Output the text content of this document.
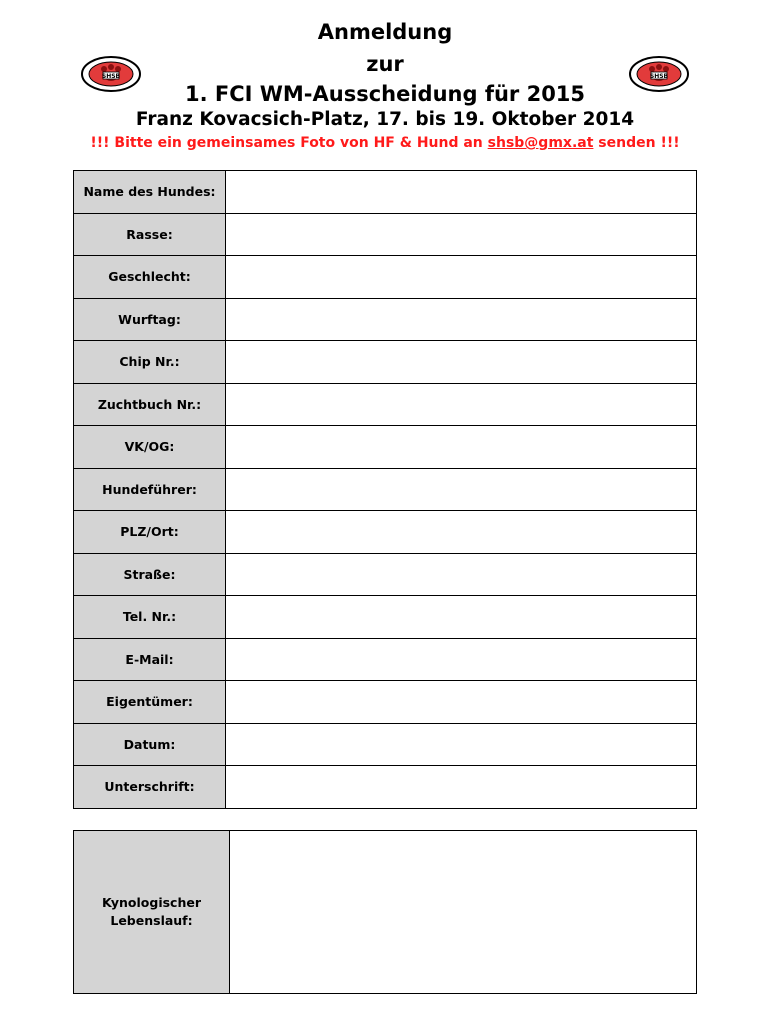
SHSB	SHSB
Anmeldung
zur
1. FCI WM-Ausscheidung für 2015
Franz Kovacsich-Platz, 17. bis 19. Oktober 2014
!!! Bitte ein gemeinsames Foto von HF & Hund an shsb@gmx.at senden !!!
Name des Hundes:	
Rasse:	
Geschlecht:	
Wurftag:	
Chip Nr.:	
Zuchtbuch Nr.:	
VK/OG:	
Hundeführer:	
PLZ/Ort:	
Straße:	
Tel. Nr.:	
E-Mail:	
Eigentümer:	
Datum:	
Unterschrift:	
Kynologischer
Lebenslauf:
